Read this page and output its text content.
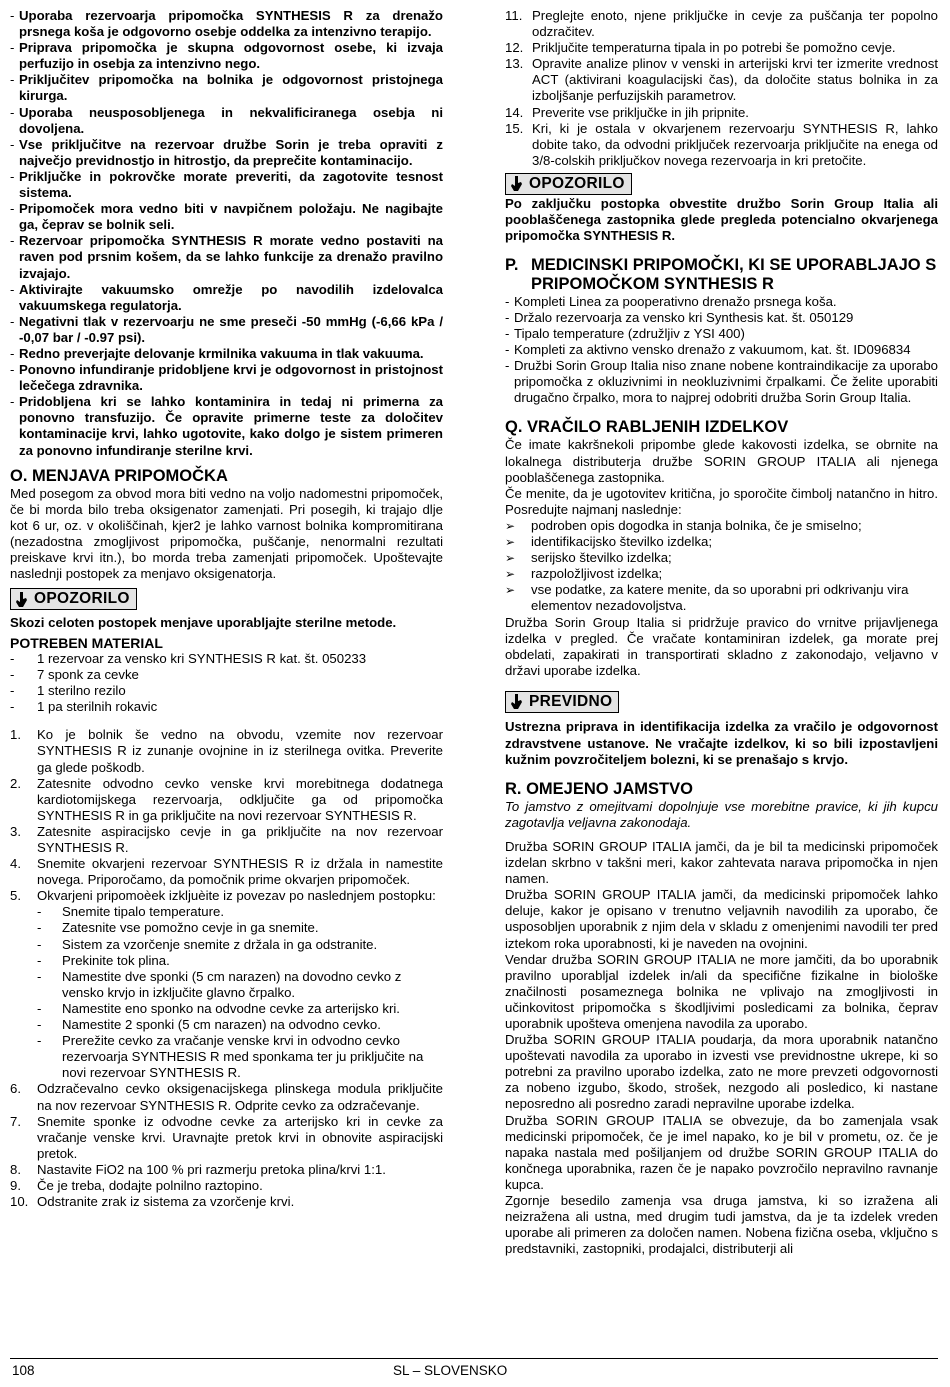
- Uporaba rezervoarja pripomočka SYNTHESIS R za drenažo prsnega koša je odgovorno osebje oddelka za intenzivno terapijo.
- Priprava pripomočka je skupna odgovornost osebe, ki izvaja perfuzijo in osebja za intenzivno nego.
- Priključitev pripomočka na bolnika je odgovornost pristojnega kirurga.
- Uporaba neusposobljenega in nekvalificiranega osebja ni dovoljena.
- Vse priključitve na rezervoar družbe Sorin je treba opraviti z največjo previdnostjo in hitrostjo, da preprečite kontaminacijo.
- Priključke in pokrovčke morate preveriti, da zagotovite tesnost sistema.
- Pripomoček mora vedno biti v navpičnem položaju. Ne nagibajte ga, čeprav se bolnik seli.
- Rezervoar pripomočka SYNTHESIS R morate vedno postaviti na raven pod prsnim košem, da se lahko funkcije za drenažo pravilno izvajajo.
- Aktivirajte vakuumsko omrežje po navodilih izdelovalca vakuumskega regulatorja.
- Negativni tlak v rezervoarju ne sme preseči -50 mmHg (-6,66 kPa / -0,07 bar / -0.97 psi).
- Redno preverjajte delovanje krmilnika vakuuma in tlak vakuuma.
- Ponovno infundiranje pridobljene krvi je odgovornost in pristojnost lečečega zdravnika.
- Pridobljena kri se lahko kontaminira in tedaj ni primerna za ponovno transfuzijo. Če opravite primerne teste za določitev kontaminacije krvi, lahko ugotovite, kako dolgo je sistem primeren za ponovno infundiranje sterilne krvi.
O. MENJAVA PRIPOMOČKA

Med posegom za obvod mora biti vedno na voljo nadomestni pripomoček, če bi morda bilo treba oksigenator zamenjati. Pri posegih, ki trajajo dlje kot 6 ur, oz. v okoliščinah, kjer2 je lahko varnost bolnika kompromitirana (nezadostna zmogljivost pripomočka, puščanje, nenormalni rezultati preiskave krvi itn.), bo morda treba zamenjati pripomoček. Upoštevajte naslednji postopek za menjavo oksigenatorja.

OPOZORILO

Skozi celoten postopek menjave uporabljajte sterilne metode.

POTREBEN MATERIAL
-	1 rezervoar za vensko kri SYNTHESIS R kat. št. 050233
-	7 sponk za cevke
-	1 sterilno rezilo
-	1 pa sterilnih rokavic
1.	Ko je bolnik še vedno na obvodu, vzemite nov rezervoar SYNTHESIS R iz zunanje ovojnine in iz sterilnega ovitka. Preverite ga glede poškodb.
2.	Zatesnite odvodno cevko venske krvi morebitnega dodatnega kardiotomijskega rezervoarja, odklјučite ga od pripomočka SYNTHESIS R in ga priključite na novi rezervoar SYNTHESIS R.
3.	Zatesnite aspiracijsko cevje in ga priključite na nov rezervoar SYNTHESIS R.
4.	Snemite okvarjeni rezervoar SYNTHESIS R iz držala in namestite novega. Priporočamo, da pomočnik prime okvarjen pripomoček.
5.	Okvarjeni pripomoèek izklјuèite iz povezav po naslednjem postopku:
-	Snemite tipalo temperature.
-	Zatesnite vse pomožno cevje in ga snemite.
-	Sistem za vzorčenje snemite z držala in ga odstranite.
-	Prekinite tok plina.
-	Namestite dve sponki (5 cm narazen) na dovodno cevko z venskо krvjo in izklјučite glavno črpalko.
-	Namestite eno sponko na odvodne cevke za arterijsko kri.
-	Namestite 2 sponki (5 cm narazen) na odvodno cevko.
-	Prerežite cevko za vračanje venske krvi in odvodno cevko rezervoarja SYNTHESIS R med sponkama ter ju priključite na novi rezervoar SYNTHESIS R.
6.	Odzračevalno cevko oksigenacijskega plinskega modula priključite na nov rezervoar SYNTHESIS R. Odprite cevko za odzračevanje.
7.	Snemite sponke iz odvodne cevke za arterijsko kri in cevke za vračanje venske krvi. Uravnajte pretok krvi in obnovite aspiracijski pretok.
8.	Nastavite FiO2 na 100 % pri razmerju pretoka plina/krvi 1:1.
9.	Če je treba, dodajte polnilno raztopino.
10. Odstranite zrak iz sistema za vzorčenje krvi.
11. Preglejte enoto, njene priključke in cevje za puščanja ter popolno odzračitev.
12. Priključite temperaturna tipala in po potrebi še pomožno cevje.
13. Opravite analize plinov v venski in arterijski krvi ter izmerite vrednost ACT (aktivirani koagulacijski čas), da določite status bolnika in za izboljšanje perfuzijskih parametrov.
14. Preverite vse priključke in jih pripnite.
15. Kri, ki je ostala v okvarjenem rezervoarju SYNTHESIS R, lahko dobite tako, da odvodni priključek rezervoarja priključite na enega od 3/8-colskih priključkov novega rezervoarja in kri pretočite.
OPOZORILO

Po zaključku postopka obvestite družbo Sorin Group Italia ali pooblaščenega zastopnika glede pregleda potencialno okvarjenega pripomočka SYNTHESIS R.

P. MEDICINSKI PRIPOMOČKI, KI SE UPORABLJAJO S PRIPOMOČKOM SYNTHESIS R
- Kompleti Linea za pooperativno drenažo prsnega koša.
- Držalo rezervoarja za vensko kri Synthesis kat. št. 050129
- Tipalo temperature (združljiv z YSI 400)
- Kompleti za aktivno vensko drenažo z vakuumom, kat. št. ID096834
- Družbi Sorin Group Italia niso znane nobene kontraindikacije za uporabo pripomočka z okluzivnimi in neokluzivnimi črpalkami. Če želite uporabiti drugačno črpalko, mora to najprej odobriti družba Sorin Group Italia.
Q. VRAČILO RABLJENIH IZDELKOV

Če imate kakršnekoli pripombe glede kakovosti izdelka, se obrnite na lokalnega distributerja družbe SORIN GROUP ITALIA ali njenega pooblaščenega zastopnika.

Če menite, da je ugotovitev kritična, jo sporočite čimbolj natančno in hitro. Posredujte najmanj naslednje:

➢	podroben opis dogodka in stanja bolnika, če je smiselno;
➢	identifikacijsko številko izdelka;
➢	serijsko številko izdelka;
➢	razpoložljivost izdelka;
➢	vse podatke, za katere menite, da so uporabni pri odkrivanju vira elementov nezadovoljstva.

Družba Sorin Group Italia si pridržuje pravico do vrnitve prijavljenega izdelka v pregled. Če vračate kontaminiran izdelek, ga morate prej obdelati, zapakirati in transportirati skladno z zakonodajo, veljavno v državi uporabe izdelka.

PREVIDNO

Ustrezna priprava in identifikacija izdelka za vračilo je odgovornost zdravstvene ustanove. Ne vračajte izdelkov, ki so bili izpostavljeni kužnim povzročiteljem bolezni, ki se prenašajo s krvjo.

R. OMEJENO JAMSTVO

To jamstvo z omejitvami dopolnjuje vse morebitne pravice, ki jih kupcu zagotavlja veljavna zakonodaja.

Družba SORIN GROUP ITALIA jamči, da je bil ta medicinski pripomoček izdelan skrbno v takšni meri, kakor zahtevata narava pripomočka in njen namen.

Družba SORIN GROUP ITALIA jamči, da medicinski pripomoček lahko deluje, kakor je opisano v trenutno veljavnih navodilih za uporabo, če usposobljen uporabnik z njim dela v skladu z omenjenimi navodili ter pred iztekom roka uporabnosti, ki je naveden na ovojnini.

Vendar družba SORIN GROUP ITALIA ne more jamčiti, da bo uporabnik pravilno uporabljal izdelek in/ali da specifične fizikalne in biološke značilnosti posameznega bolnika ne vplivajo na zmogljivosti in učinkovitost pripomočka s škodljivimi posledicami za bolnika, čeprav uporabnik upošteva omenjena navodila za uporabo.

Družba SORIN GROUP ITALIA poudarja, da mora uporabnik natančno upoštevati navodila za uporabo in izvesti vse previdnostne ukrepe, ki so potrebni za pravilno uporabo izdelka, zato ne more prevzeti odgovornosti za nobeno izgubo, škodo, strošek, nezgodo ali posledico, ki nastane neposredno ali posredno zaradi nepravilne uporabe izdelka.

Družba SORIN GROUP ITALIA se obvezuje, da bo zamenjala vsak medicinski pripomoček, če je imel napako, ko je bil v prometu, oz. če je napaka nastala med pošiljanjem od družbe SORIN GROUP ITALIA do končnega uporabnika, razen če je napako povzročilo nepravilno ravnanje kupca.

Zgornje besedilo zamenja vsa druga jamstva, ki so izražena ali neizražena ali ustna, med drugim tudi jamstva, da je ta izdelek vreden uporabe ali primeren za določen namen. Nobena fizična oseba, vključno s predstavniki, zastopniki, prodajalci, distributerji ali

108	SL – SLOVENSKO
